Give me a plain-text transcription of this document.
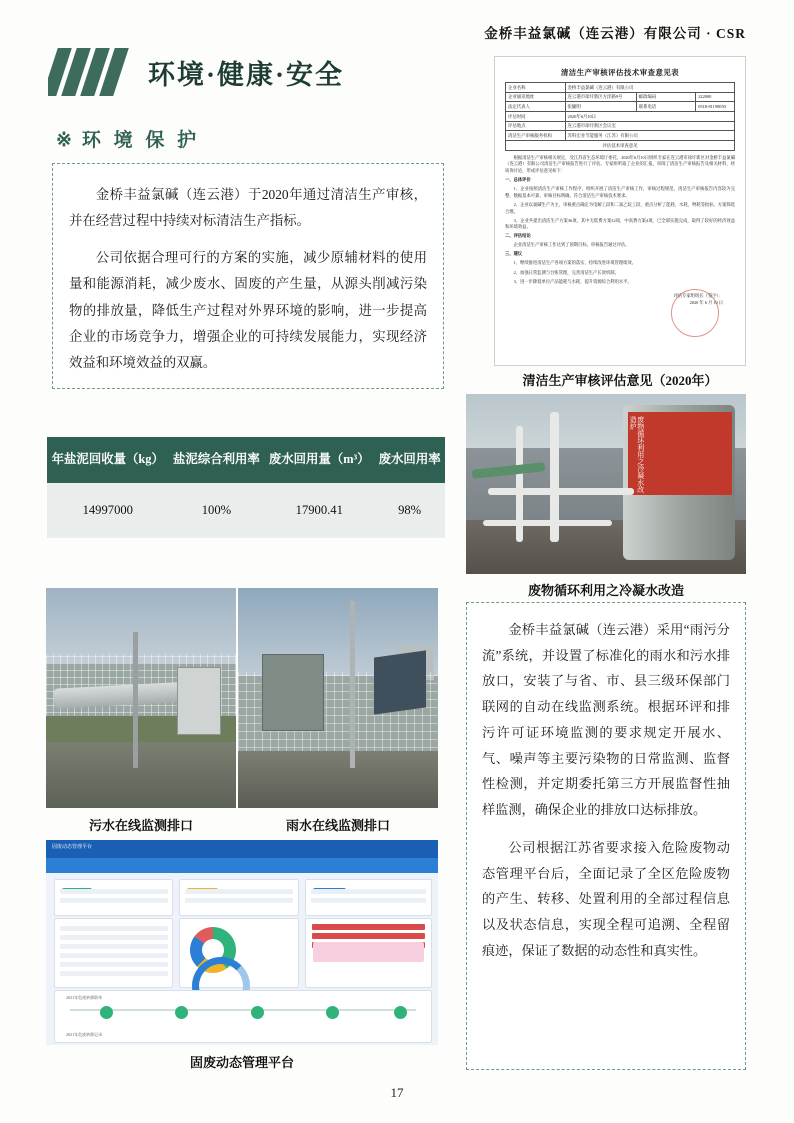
金桥丰益氯碱（连云港）有限公司 · CSR
环境·健康·安全
※ 环 境 保 护

金桥丰益氯碱（连云港）于2020年通过清洁生产审核，并在经营过程中持续对标清洁生产指标。

公司依据合理可行的方案的实施，减少原辅材料的使用量和能源消耗，减少废水、固废的产生量，从源头削减污染物的排放量，降低生产过程对外界环境的影响，进一步提高企业的市场竞争力，增强企业的可持续发展能力，实现经济效益和环境效益的双赢。

清洁生产审核评估技术审查意见表
企业名称	金桥丰益氯碱（连云港）有限公司		
企业通讯地址	连云港市徐圩新区方洋路9号	邮政编码	222000
法定代表人	张毓明	联系电话	0518-81198050
评估时间	2020年6月10日		
评估地点	连云港市徐圩新区会议室		
清洁生产审核服务机构	苏科宏业节能服务（江苏）有限公司		
评估技术审查意见			

根据清洁生产审核相关规定，受江苏省生态环境厅委托，2020年6月10日组织专家在连云港市徐圩新区对金桥丰益氯碱（连云港）有限公司清洁生产审核报告进行了评估。专家组听取了企业的汇报，审阅了清洁生产审核报告及相关材料，经质询讨论，形成评估意见如下：

一、总体评价

1、企业按照清洁生产审核工作程序，组织开展了清洁生产审核工作，审核过程规范，清洁生产审核报告内容较为完整、数据基本可靠，审核目标明确，符合清洁生产审核技术要求。

2、企业以氯碱生产为主，审核重点确定为电解工段和二氯乙烷工段，重点分析了能耗、水耗、物耗等指标，方案筛选合理。

3、企业共提出清洁生产方案36项，其中无低费方案32项，中高费方案4项，已全部实施完成，取得了较好的经济效益和环境效益。

二、评估结论

企业清洁生产审核工作达到了预期目标，审核报告通过评估。

三、建议

1、继续推进清洁生产各项方案的落实，持续改进环境管理绩效。

2、加强日常监测与台账管理，完善清洁生产长效机制。

3、进一步降低单位产品能耗与水耗，提升资源综合利用水平。

评估专家组组长（签字）：
2020 年 6 月 10 日
清洁生产审核评估意见（2020年）
年盐泥回收量（kg）	盐泥综合利用率	废水回用量（m³）	废水回用率
14997000	100%	17900.41	98%
废物循环利用之冷凝水改造炉
废物循环利用之冷凝水改造
污水在线监测排口	雨水在线监测排口
固废动态管理平台
2021年危废转移联单
2021年危废转移记录
固废动态管理平台

金桥丰益氯碱（连云港）采用“雨污分流”系统，并设置了标准化的雨水和污水排放口，安装了与省、市、县三级环保部门联网的自动在线监测系统。根据环评和排污许可证环境监测的要求规定开展水、气、噪声等主要污染物的日常监测、监督性检测，并定期委托第三方开展监督性抽样监测，确保企业的排放口达标排放。

公司根据江苏省要求接入危险废物动态管理平台后，全面记录了全区危险废物的产生、转移、处置利用的全部过程信息以及状态信息，实现全程可追溯、全程留痕迹，保证了数据的动态性和真实性。

17
